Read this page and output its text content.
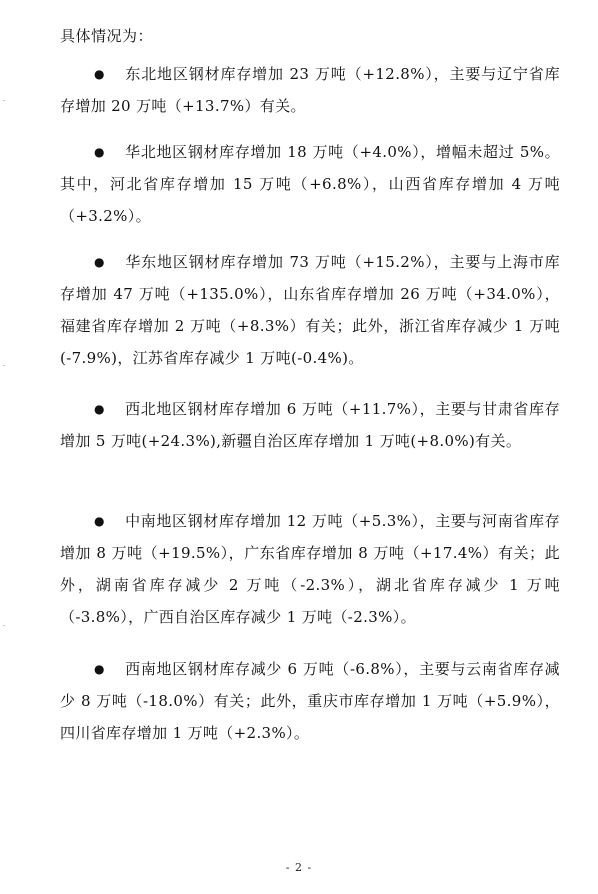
具体情况为：

● 东北地区钢材库存增加 23 万吨（+12.8%），主要与辽宁省库存增加 20 万吨（+13.7%）有关。

● 华北地区钢材库存增加 18 万吨（+4.0%），增幅未超过 5%。其中，河北省库存增加 15 万吨（+6.8%），山西省库存增加 4 万吨（+3.2%）。

● 华东地区钢材库存增加 73 万吨（+15.2%），主要与上海市库存增加 47 万吨（+135.0%），山东省库存增加 26 万吨（+34.0%），福建省库存增加 2 万吨（+8.3%）有关；此外，浙江省库存减少 1 万吨(-7.9%)，江苏省库存减少 1 万吨(-0.4%)。

● 西北地区钢材库存增加 6 万吨（+11.7%），主要与甘肃省库存增加 5 万吨(+24.3%),新疆自治区库存增加 1 万吨(+8.0%)有关。

● 中南地区钢材库存增加 12 万吨（+5.3%），主要与河南省库存增加 8 万吨（+19.5%），广东省库存增加 8 万吨（+17.4%）有关；此外，湖南省库存减少 2 万吨（-2.3%），湖北省库存减少 1 万吨（-3.8%），广西自治区库存减少 1 万吨（-2.3%）。

● 西南地区钢材库存减少 6 万吨（-6.8%），主要与云南省库存减少 8 万吨（-18.0%）有关；此外，重庆市库存增加 1 万吨（+5.9%），四川省库存增加 1 万吨（+2.3%）。

- 2 -
